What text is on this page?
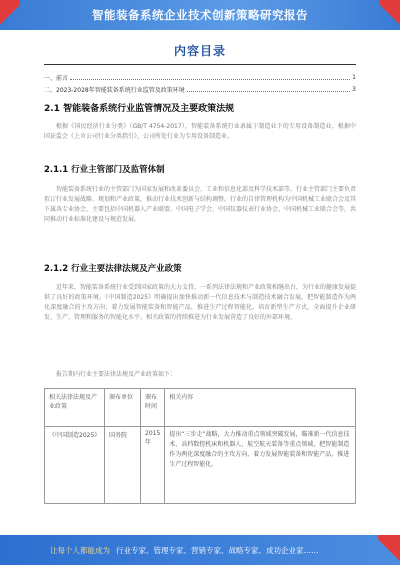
智能装备系统企业技术创新策略研究报告
内容目录
一、前言	1
二、2023-2028年智能装备系统行业监管及政策环境	3
2.1 智能装备系统行业监管情况及主要政策法规
根据《国民经济行业分类》（GB/T 4754-2017），智能装备系统行业隶属于制造业下的专用设备制造业。根据中国证监会《上市公司行业分类指引》，公司所处行业为专用设备制造业。
2.1.1 行业主管部门及监管体制
智能装备系统行业的主管部门为国家发展和改革委员会、工业和信息化部及科学技术部等，行业主管部门主要负责拟订行业发展战略、规划和产业政策，推动行业技术创新与结构调整。行业的自律管理机构为中国机械工业联合会及其下属各专业协会，主要包括中国机器人产业联盟、中国电子学会、中国仪器仪表行业协会、中国机械工业联合会等，共同推动行业标准化建设与规范发展。
2.1.2 行业主要法律法规及产业政策
近年来，智能装备系统行业受到国家政策的大力支持，一系列法律法规和产业政策相继出台，为行业的健康发展提供了良好的政策环境。《中国制造2025》明确提出加快推动新一代信息技术与制造技术融合发展，把智能制造作为两化深度融合的主攻方向；着力发展智能装备和智能产品，推进生产过程智能化，培育新型生产方式，全面提升企业研发、生产、管理和服务的智能化水平。相关政策的持续推进为行业发展营造了良好的外部环境。
报告期内行业主要法律法规及产业政策如下：
相关法律法规及产业政策	颁布单位	颁布时间	相关内容
《中国制造2025》	国务院	2015年	提出“三步走”战略，大力推动重点领域突破发展，瞄准新一代信息技术、高档数控机床和机器人、航空航天装备等重点领域，把智能制造作为两化深度融合的主攻方向，着力发展智能装备和智能产品，推进生产过程智能化。
让每个人都能成为 行业专家、管理专家、营销专家、战略专家、成功企业家……
